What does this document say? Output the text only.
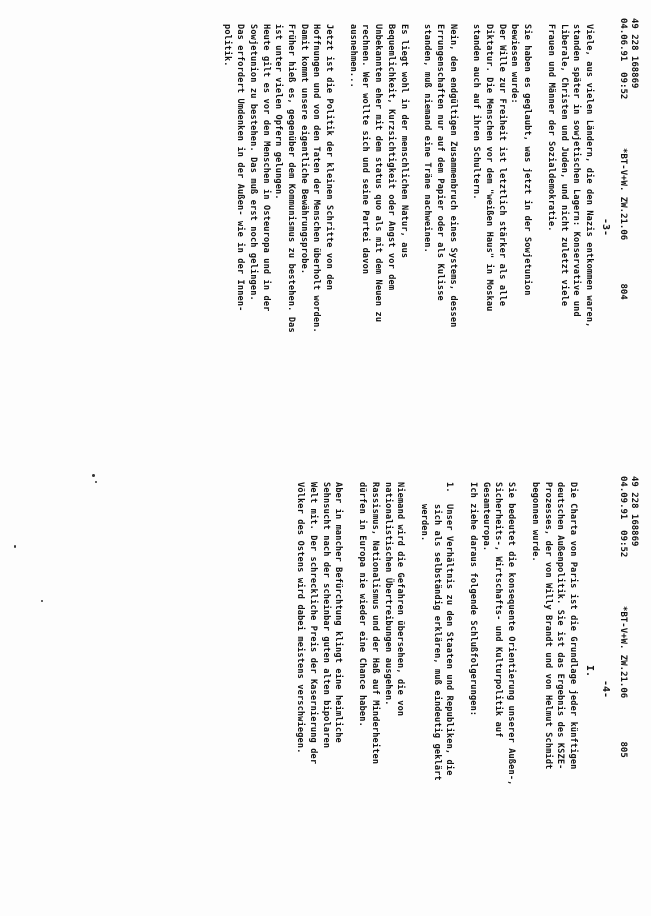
49 228 168869
04.06.91  09:52         *BT-V+W. ZW.21.06        804
-3-

Viele, aus vielen Ländern, die den Nazis entkommen waren,
standen später in sowjetischen Lagern: Konservative und
Liberale, Christen und Juden, und nicht zuletzt viele
Frauen und Männer der Sozialdemokratie.

Sie haben es geglaubt, was jetzt in der Sowjetunion
bewiesen wurde:
Der Wille zur Freiheit ist letztlich stärker als alle
Diktatur. Die Menschen vor dem "weißen Haus" in Moskau
standen auch auf ihren Schultern.

Nein, den endgültigen Zusammenbruch eines Systems, dessen
Errungenschaften nur auf dem Papier oder als Kulisse
standen, muß niemand eine Träne nachweinen.

Es liegt wohl in der menschlichen Natur, aus
Bequemlichkeit, Kurzsichtigkeit oder Angst vor dem
Unbekannten eher mit dem status quo als mit dem Neuen zu
rechnen. Wer wollte sich und seine Partei davon
ausnehmen...

Jetzt ist die Politik der kleinen Schritte von den
Hoffnungen und von den Taten der Menschen überholt worden.
Damit kommt unsere eigentliche Bewährungsprobe.
Früher hieß es, gegenüber dem Kommunismus zu bestehen. Das
ist unter vielen Opfern gelungen.
Heute gilt es vor den Menschen in Osteuropa und in der
Sowjetunion zu bestehen. Das muß erst noch gelingen.
Das erfordert Umdenken in der Außen- wie in der Innen-
politik.

49 228 168869
04.09.91  09:52         *BT-V+W. ZW.21.06        805
-4-
I.

Die Charta von Paris ist die Grundlage jeder künftigen
deutschen Außenpolitik. Sie ist das Ergebnis des KSZE-
Prozesses, der von Willy Brandt und von Helmut Schmidt
begonnen wurde.

Sie bedeutet die konsequente Orientierung unserer Außen-,
Sicherheits-, Wirtschafts- und Kulturpolitik auf
Gesamteuropa.
Ich ziehe daraus folgende Schlußfolgerungen:

1.Unser Verhältnis zu den Staaten und Republiken, die
sich als selbständig erklären, muß eindeutig geklärt
werden.

Niemand wird die Gefahren übersehen, die von
nationalistischen Übertreibungen ausgehen.
Rassismus, Nationalismus und der Haß auf Minderheiten
dürfen in Europa nie wieder eine Chance haben.

Aber in mancher Befürchtung klingt eine heimliche
Sehnsucht nach der scheinbar guten alten bipolaren
Welt mit. Der schreckliche Preis der Kasernierung der
Völker des Ostens wird dabei meistens verschwiegen.
